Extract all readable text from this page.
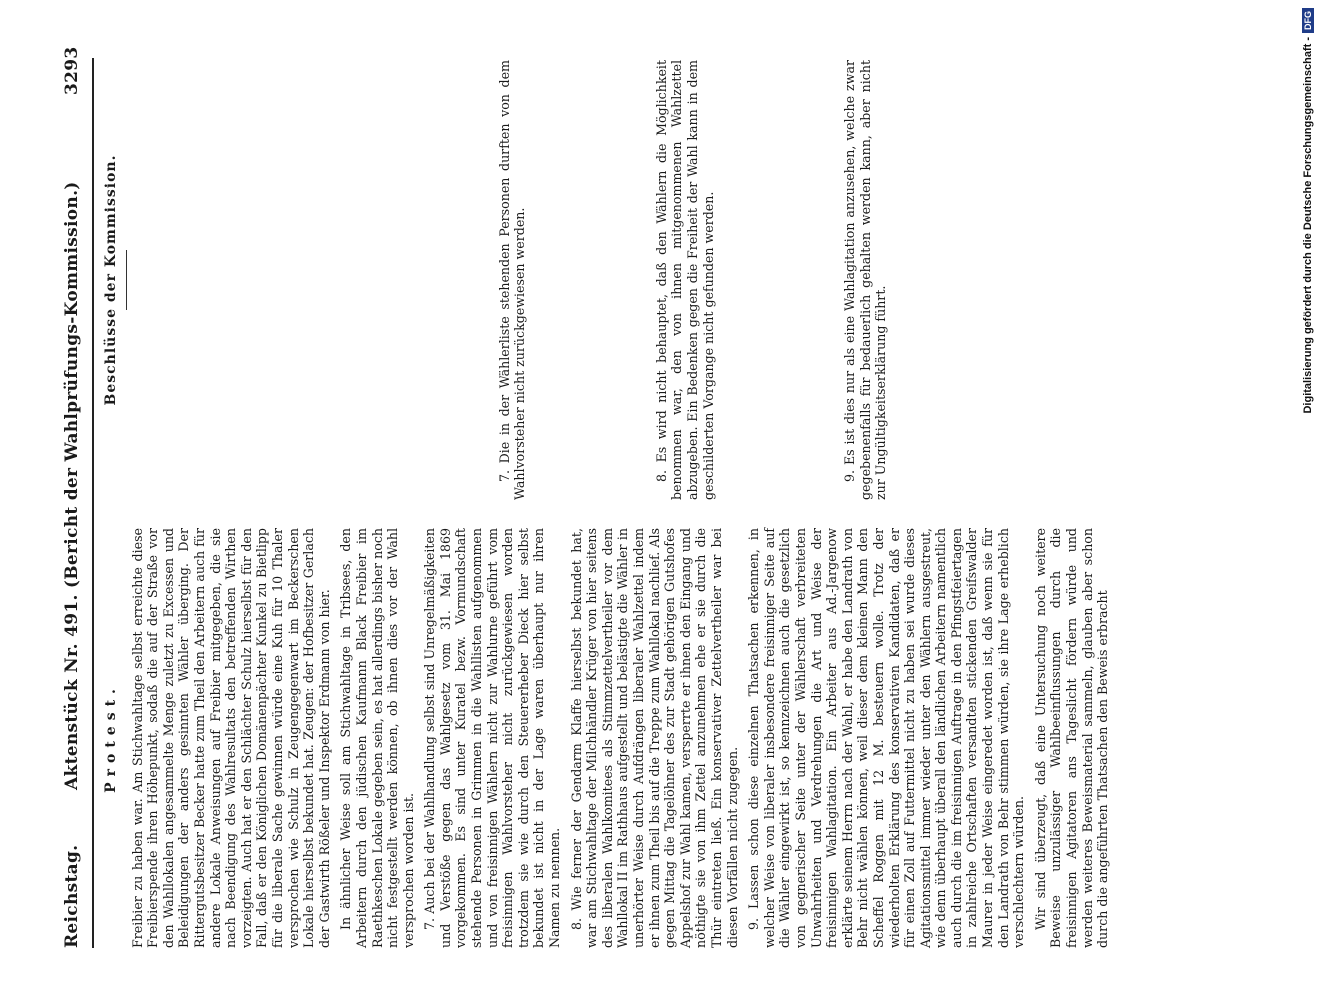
Reichstag.
Aktenstück Nr. 491. (Bericht der Wahlprüfungs-Kommission.)
3293
Protest. Freibier zu haben war. Am Stichwahltage selbst erreichte diese Freibierspende ihren Höhepunkt, sodaß die auf der Straße vor den Wahllokalen angesammelte Menge zuletzt zu Excessen und Beleidigungen der anders gesinnten Wähler überging. Der Rittergutsbesitzer Becker hatte zum Theil den Arbeitern auch für andere Lokale Anweisungen auf Freibier mitgegeben, die sie nach Beendigung des Wahlresultats den betreffenden Wirthen vorzeigten. Auch hat er den Schlächter Schulz hierselbst für den Fall, daß er den Königlichen Domänenpächter Kunkel zu Bietlipp für die liberale Sache gewinnen würde eine Kuh für 10 Thaler versprochen wie Schulz in Zeugengegenwart im Beckerschen Lokale hierselbst bekundet hat. Zeugen: der Hofbesitzer Gerlach der Gastwirth Rößeler und Inspektor Erdmann von hier. In ähnlicher Weise soll am Stichwahltage in Tribsees, den Arbeitern durch den jüdischen Kaufmann Black Freibier im Raethkeschen Lokale gegeben sein, es hat allerdings bisher noch nicht festgestellt werden können, ob ihnen dies vor der Wahl versprochen worden ist. 7. Auch bei der Wahlhandlung selbst sind Unregelmäßigkeiten und Verstöße gegen das Wahlgesetz vom 31. Mai 1869 vorgekommen. Es sind unter Kuratel bezw. Vormundschaft stehende Personen in Grimmen in die Wahllisten aufgenommen und von freisinnigen Wählern nicht zur Wahlurne geführt vom freisinnigen Wahlvorsteher nicht zurückgewiesen worden trotzdem sie wie durch den Steuererheber Dieck hier selbst bekundet ist nicht in der Lage waren überhaupt nur ihren Namen zu nennen. 8. Wie ferner der Gendarm Klaffe hierselbst bekundet hat, war am Stichwahltage der Milchhändler Krüger von hier seitens des liberalen Wahlkomitees als Stimmzettelvertheiler vor dem Wahllokal II im Rathhaus aufgestellt und belästigte die Wähler in unerhörter Weise durch Aufdrängen liberaler Wahlzettel indem er ihnen zum Theil bis auf die Treppe zum Wahllokal nachlief. Als gegen Mittag die Tagelöhner des zur Stadt gehörigen Gutshofes Appelshof zur Wahl kamen, versperrte er ihnen den Eingang und nöthigte sie von ihm Zettel anzunehmen ehe er sie durch die Thür eintreten ließ. Ein konservativer Zettelvertheiler war bei diesen Vorfällen nicht zugegen. 9. Lassen schon diese einzelnen Thatsachen erkennen, in welcher Weise von liberaler insbesondere freisinniger Seite auf die Wähler eingewirkt ist, so kennzeichnen auch die gesetzlich von gegnerischer Seite unter der Wählerschaft verbreiteten Unwahrheiten und Verdrehungen die Art und Weise der freisinnigen Wahlagitation. Ein Arbeiter aus Ad.-Jargenow erklärte seinem Herrn nach der Wahl, er habe den Landrath von Behr nicht wählen können, weil dieser dem kleinen Mann den Scheffel Roggen mit 12 M. besteuern wolle. Trotz der wiederholten Erklärung des konservativen Kandidaten, daß er für einen Zoll auf Futtermittel nicht zu haben sei wurde dieses Agitationsmittel immer wieder unter den Wählern ausgestreut, wie denn überhaupt überall den ländlichen Arbeitern namentlich auch durch die im freisinnigen Auftrage in den Pfingstfeiertagen in zahlreiche Ortschaften versandten stickenden Greifswalder Maurer in jeder Weise eingeredet worden ist, daß wenn sie für den Landrath von Behr stimmen würden, sie ihre Lage erheblich verschlechtern würden. Wir sind überzeugt, daß eine Untersuchung noch weitere Beweise unzulässiger Wahlbeeinflussungen durch die freisinnigen Agitatoren ans Tageslicht fördern würde und werden weiteres Beweismaterial sammeln, glauben aber schon durch die angeführten Thatsachen den Beweis erbracht

Beschlüsse der Kommission.	7. Die in der Wählerliste stehenden Personen durften von dem Wahlvorsteher nicht zurückgewiesen werden.	8. Es wird nicht behauptet, daß den Wählern die Möglichkeit benommen war, den von ihnen mitgenommenen Wahlzettel abzugeben. Ein Bedenken gegen die Freiheit der Wahl kann in dem geschilderten Vorgange nicht gefunden werden.	9. Es ist dies nur als eine Wahlagitation anzusehen, welche zwar gegebenenfalls für bedauerlich gehalten werden kann, aber nicht zur Ungültigkeitserklärung führt.	Digitalisierung gefördert durch die Deutsche Forschungsgemeinschaft -
DFG
